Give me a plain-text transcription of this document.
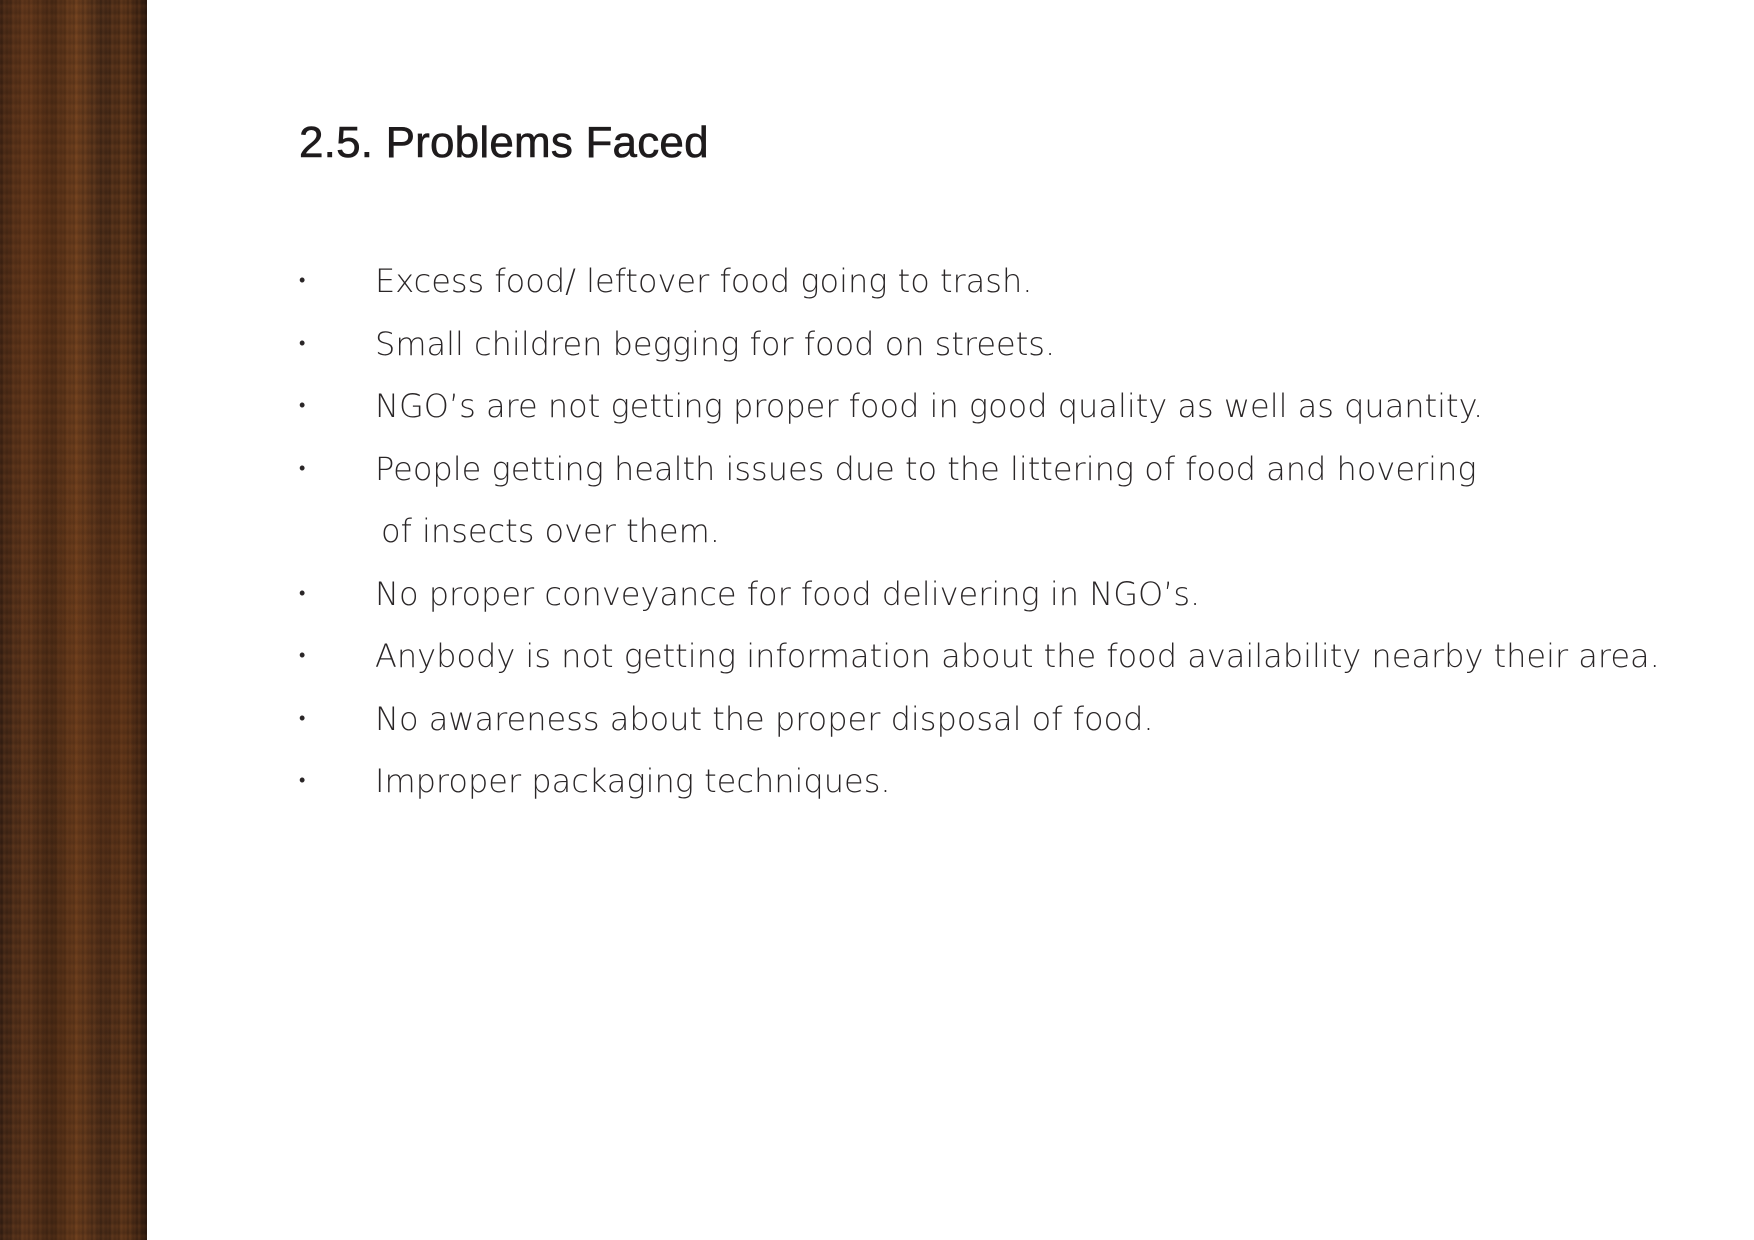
2.5. Problems Faced
• Excess food/ leftover food going to trash.
• Small children begging for food on streets.
• NGO’s are not getting proper food in good quality as well as quantity.
• People getting health issues due to the littering of food and hovering
of insects over them.
• No proper conveyance for food delivering in NGO’s.
• Anybody is not getting information about the food availability nearby their area.
• No awareness about the proper disposal of food.
• Improper packaging techniques.
